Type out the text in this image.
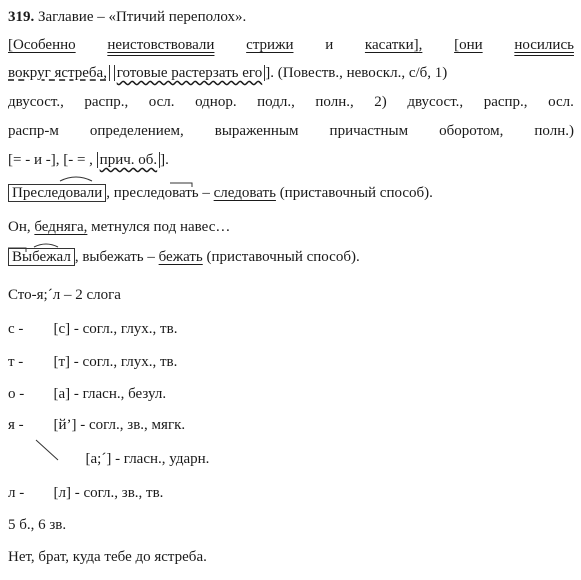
319. Заглавие – «Птичий переполох».
[Особенно неистовствовали стрижи и касатки], [они носились
вокруг ястреба, готовые растерзать его ]. (Повеств., невоскл., с/б, 1)
двусост., распр., осл. однор. подл., полн., 2) двусост., распр., осл.
распр-м определением, выраженным причастным оборотом, полн.)
[= - и -], [- = , прич. об. ].
Преследовали , преследовать – следовать (приставочный способ).
Он, бедняга, метнулся под навес…
Выбежал , выбежать – бежать (приставочный способ).
Сто-я;´л – 2 слога
с - [с] - согл., глух., тв.
т - [т] - согл., глух., тв.
о - [а] - гласн., безул.
я - [й’] - согл., зв., мягк.
[а;´] - гласн., ударн.
л - [л] - согл., зв., тв.
5 б., 6 зв.
Нет, брат, куда тебе до ястреба.
